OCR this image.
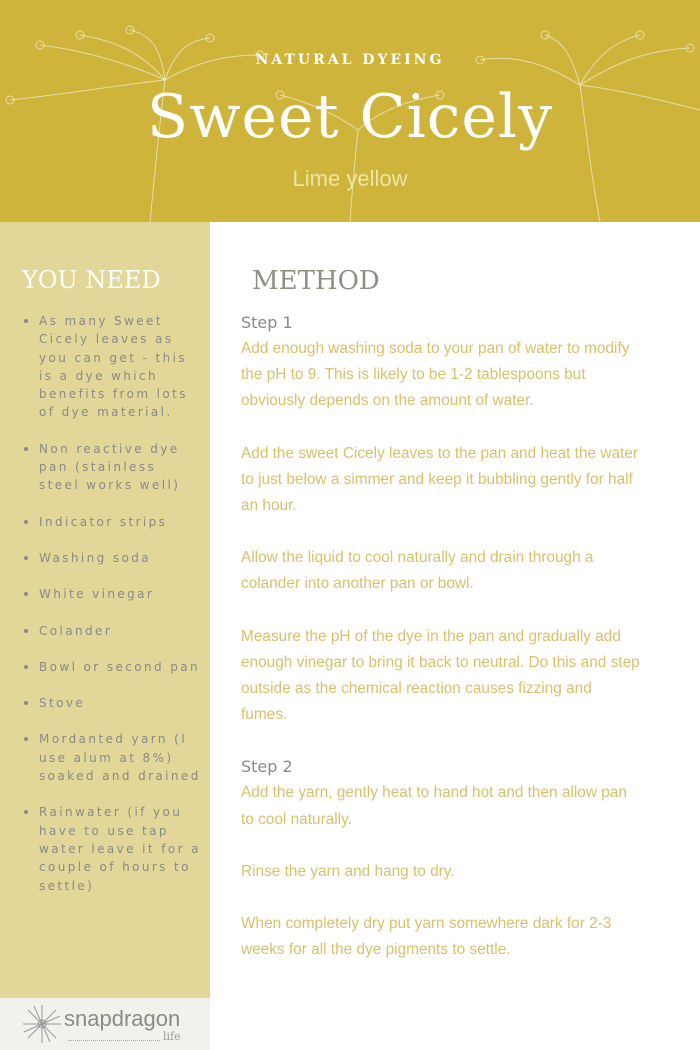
NATURAL DYEING
Sweet Cicely
Lime yellow
YOU NEED
As many Sweet Cicely leaves as you can get - this is a dye which benefits from lots of dye material.
Non reactive dye pan (stainless steel works well)
Indicator strips
Washing soda
White vinegar
Colander
Bowl or second pan
Stove
Mordanted yarn (I use alum at 8%) soaked and drained
Rainwater (if you have to use tap water leave it for a couple of hours to settle)
snapdragon
life
METHOD

Step 1

Add enough washing soda to your pan of water to modify the pH to 9. This is likely to be 1-2 tablespoons but obviously depends on the amount of water.

Add the sweet Cicely leaves to the pan and heat the water to just below a simmer and keep it bubbling gently for half an hour.

Allow the liquid to cool naturally and drain through a colander into another pan or bowl.

Measure the pH of the dye in the pan and gradually add enough vinegar to bring it back to neutral. Do this and step outside as the chemical reaction causes fizzing and fumes.

Step 2

Add the yarn, gently heat to hand hot and then allow pan to cool naturally.

Rinse the yarn and hang to dry.

When completely dry put yarn somewhere dark for 2-3 weeks for all the dye pigments to settle.
